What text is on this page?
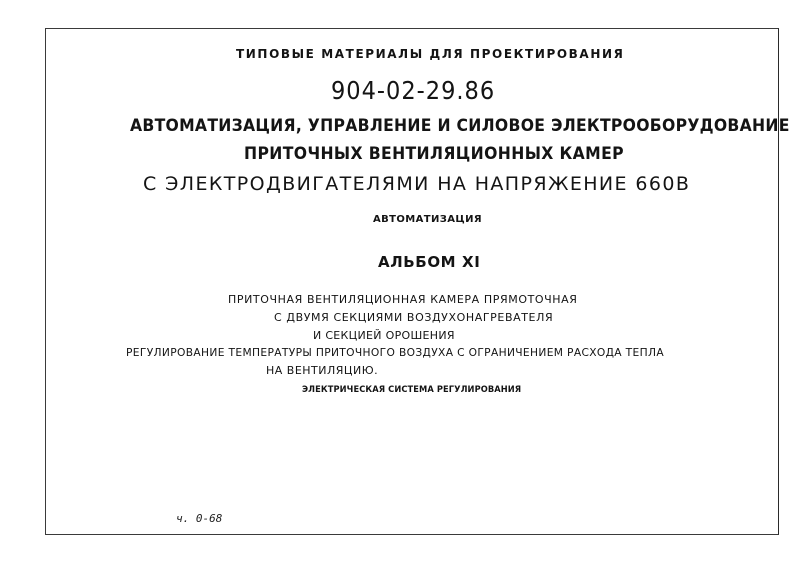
ТИПОВЫЕ МАТЕРИАЛЫ ДЛЯ ПРОЕКТИРОВАНИЯ
904-02-29.86
АВТОМАТИЗАЦИЯ, УПРАВЛЕНИЕ И СИЛОВОЕ ЭЛЕКТРООБОРУДОВАНИЕ
ПРИТОЧНЫХ ВЕНТИЛЯЦИОННЫХ КАМЕР
С ЭЛЕКТРОДВИГАТЕЛЯМИ НА НАПРЯЖЕНИЕ 660В
АВТОМАТИЗАЦИЯ
АЛЬБОМ XI
ПРИТОЧНАЯ ВЕНТИЛЯЦИОННАЯ КАМЕРА ПРЯМОТОЧНАЯ
С ДВУМЯ СЕКЦИЯМИ ВОЗДУХОНАГРЕВАТЕЛЯ
И СЕКЦИЕЙ ОРОШЕНИЯ
РЕГУЛИРОВАНИЕ ТЕМПЕРАТУРЫ ПРИТОЧНОГО ВОЗДУХА С ОГРАНИЧЕНИЕМ РАСХОДА ТЕПЛА
НА ВЕНТИЛЯЦИЮ.
ЭЛЕКТРИЧЕСКАЯ СИСТЕМА РЕГУЛИРОВАНИЯ
ч. 0-68
